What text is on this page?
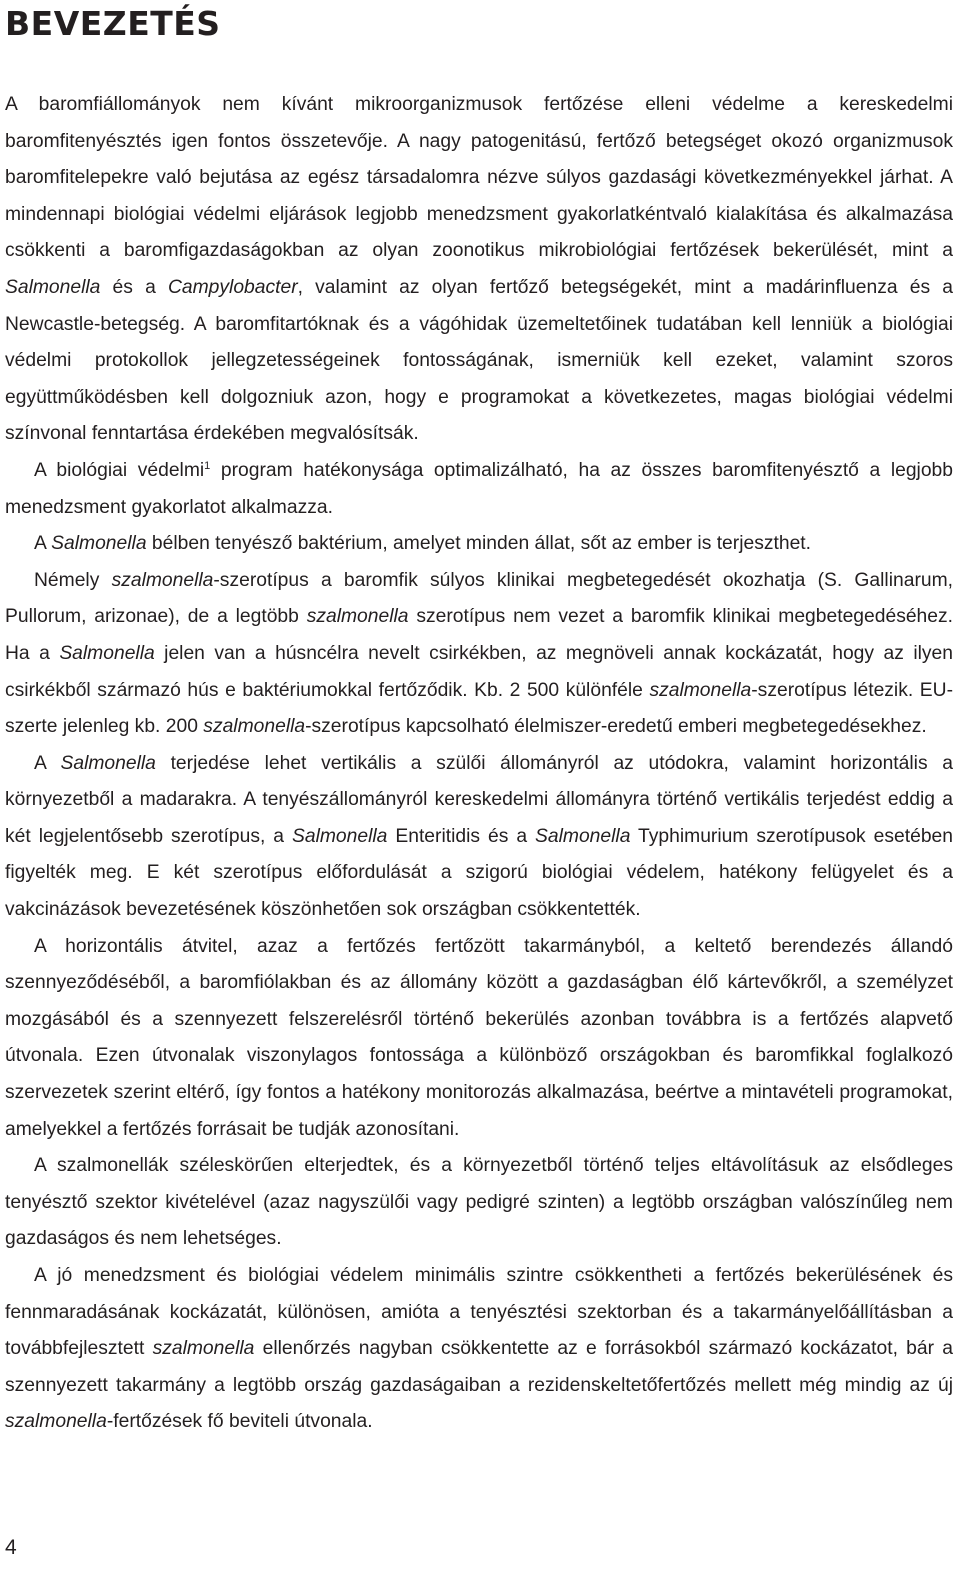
BEVEZETÉS

A baromfiállományok nem kívánt mikroorganizmusok fertőzése elleni védelme a kereskedelmi baromfitenyésztés igen fontos összetevője. A nagy patogenitású, fertőző betegséget okozó organizmusok baromfitelepekre való bejutása az egész társadalomra nézve súlyos gazdasági következményekkel járhat. A mindennapi biológiai védelmi eljárások legjobb menedzsment gyakorlatkéntvaló kialakítása és alkalmazása csökkenti a baromfigazdaságokban az olyan zoonotikus mikrobiológiai fertőzések bekerülését, mint a Salmonella és a Campylobacter, valamint az olyan fertőző betegségekét, mint a madárinfluenza és a Newcastle-betegség. A baromfitartóknak és a vágóhidak üzemeltetőinek tudatában kell lenniük a biológiai védelmi protokollok jellegzetességeinek fontosságának, ismerniük kell ezeket, valamint szoros együttműködésben kell dolgozniuk azon, hogy e programokat a következetes, magas biológiai védelmi színvonal fenntartása érdekében megvalósítsák.

A biológiai védelmi$^1$ program hatékonysága optimalizálható, ha az összes baromfitenyésztő a legjobb menedzsment gyakorlatot alkalmazza.

A Salmonella bélben tenyésző baktérium, amelyet minden állat, sőt az ember is terjeszthet.

Némely szalmonella-szerotípus a baromfik súlyos klinikai megbetegedését okozhatja (S. Gallinarum, Pullorum, arizonae), de a legtöbb szalmonella szerotípus nem vezet a baromfik klinikai megbetegedéséhez. Ha a Salmonella jelen van a húsncélra nevelt csirkékben, az megnöveli annak kockázatát, hogy az ilyen csirkékből származó hús e baktériumokkal fertőződik. Kb. 2 500 különféle szalmonella-szerotípus létezik. EU-szerte jelenleg kb. 200 szalmonella-szerotípus kapcsolható élelmiszer-eredetű emberi megbetegedésekhez.

A Salmonella terjedése lehet vertikális a szülői állományról az utódokra, valamint horizontális a környezetből a madarakra. A tenyészállományról kereskedelmi állományra történő vertikális terjedést eddig a két legjelentősebb szerotípus, a Salmonella Enteritidis és a Salmonella Typhimurium szerotípusok esetében figyelték meg. E két szerotípus előfordulását a szigorú biológiai védelem, hatékony felügyelet és a vakcinázások bevezetésének köszönhetően sok országban csökkentették.

A horizontális átvitel, azaz a fertőzés fertőzött takarmányból, a keltető berendezés állandó szennyeződéséből, a baromfiólakban és az állomány között a gazdaságban élő kártevőkről, a személyzet mozgásából és a szennyezett felszerelésről történő bekerülés azonban továbbra is a fertőzés alapvető útvonala. Ezen útvonalak viszonylagos fontossága a különböző országokban és baromfikkal foglalkozó szervezetek szerint eltérő, így fontos a hatékony monitorozás alkalmazása, beértve a mintavételi programokat, amelyekkel a fertőzés forrásait be tudják azonosítani.

A szalmonellák széleskörűen elterjedtek, és a környezetből történő teljes eltávolításuk az elsődleges tenyésztő szektor kivételével (azaz nagyszülői vagy pedigré szinten) a legtöbb országban valószínűleg nem gazdaságos és nem lehetséges.

A jó menedzsment és biológiai védelem minimális szintre csökkentheti a fertőzés bekerülésének és fennmaradásának kockázatát, különösen, amióta a tenyésztési szektorban és a takarmányelőállításban a továbbfejlesztett szalmonella ellenőrzés nagyban csökkentette az e forrásokból származó kockázatot, bár a szennyezett takarmány a legtöbb ország gazdaságaiban a rezidenskeltetőfertőzés mellett még mindig az új szalmonella-fertőzések fő beviteli útvonala.

4
